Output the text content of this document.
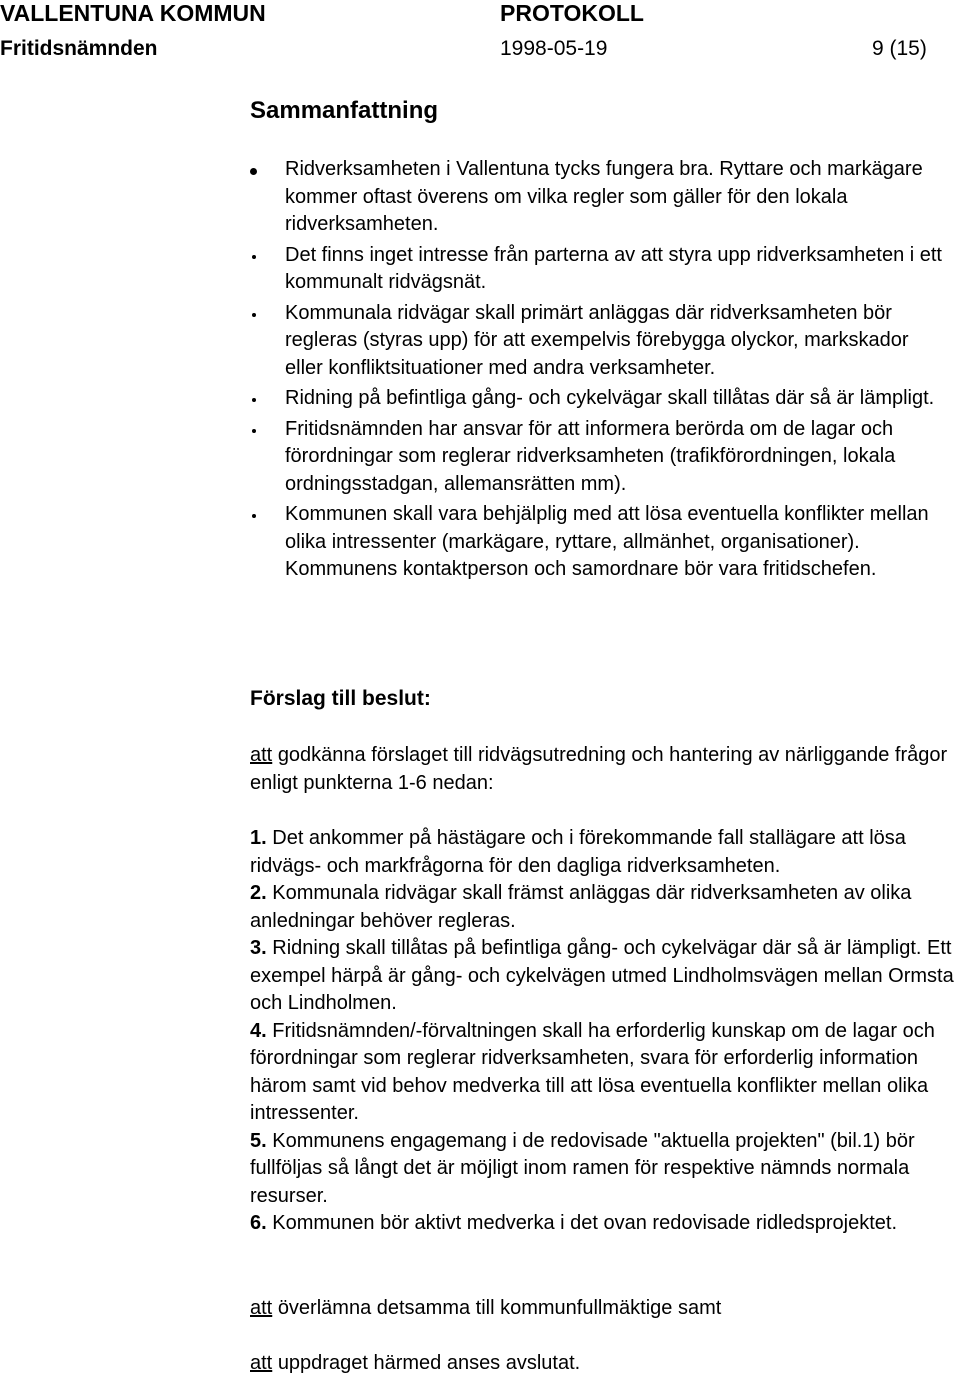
VALLENTUNA KOMMUN	PROTOKOLL
Fritidsnämnden	1998-05-19	9 (15)
Sammanfattning
Ridverksamheten i Vallentuna tycks fungera bra. Ryttare och markägare kommer oftast överens om vilka regler som gäller för den lokala ridverksamheten.
Det finns inget intresse från parterna av att styra upp ridverksamheten i ett kommunalt ridvägsnät.
Kommunala ridvägar skall primärt anläggas där ridverksamheten bör regleras (styras upp) för att exempelvis förebygga olyckor, markskador eller konfliktsituationer med andra verksamheter.
Ridning på befintliga gång- och cykelvägar skall tillåtas där så är lämpligt.
Fritidsnämnden har ansvar för att informera berörda om de lagar och förordningar som reglerar ridverksamheten (trafikförordningen, lokala ordningsstadgan, allemansrätten mm).
Kommunen skall vara behjälplig med att lösa eventuella konflikter mellan olika intressenter (markägare, ryttare, allmänhet, organisationer). Kommunens kontaktperson och samordnare bör vara fritidschefen.
Förslag till beslut:

att godkänna förslaget till ridvägsutredning och hantering av närliggande frågor enligt punkterna 1-6 nedan:

1. Det ankommer på hästägare och i förekommande fall stallägare att lösa ridvägs- och markfrågorna för den dagliga ridverksamheten.
2. Kommunala ridvägar skall främst anläggas där ridverksamheten av olika anledningar behöver regleras.
3. Ridning skall tillåtas på befintliga gång- och cykelvägar där så är lämpligt. Ett exempel härpå är gång- och cykelvägen utmed Lindholmsvägen mellan Ormsta och Lindholmen.
4. Fritidsnämnden/-förvaltningen skall ha erforderlig kunskap om de lagar och förordningar som reglerar ridverksamheten, svara för erforderlig information härom samt vid behov medverka till att lösa eventuella konflikter mellan olika intressenter.
5. Kommunens engagemang i de redovisade "aktuella projekten" (bil.1) bör fullföljas så långt det är möjligt inom ramen för respektive nämnds normala resurser.
6. Kommunen bör aktivt medverka i det ovan redovisade ridledsprojektet.

att överlämna detsamma till kommunfullmäktige samt

att uppdraget härmed anses avslutat.
